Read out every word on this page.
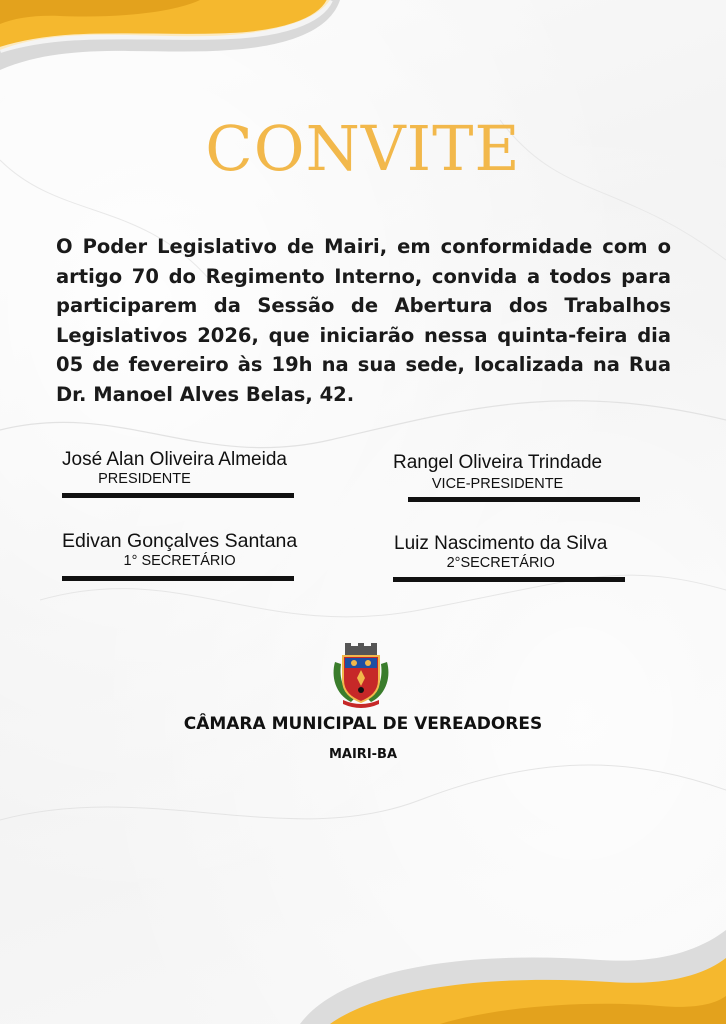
CONVITE
O Poder Legislativo de Mairi, em conformidade com o artigo 70 do Regimento Interno, convida a todos para participarem da Sessão de Abertura dos Trabalhos Legislativos 2026, que iniciarão nessa quinta-feira dia 05 de fevereiro às 19h na sua sede, localizada na Rua Dr. Manoel Alves Belas, 42.
José Alan Oliveira Almeida
PRESIDENTE
Rangel Oliveira Trindade
VICE-PRESIDENTE
Edivan Gonçalves Santana
1° SECRETÁRIO
Luiz Nascimento da Silva
2°SECRETÁRIO
CÂMARA MUNICIPAL DE VEREADORES
MAIRI-BA
